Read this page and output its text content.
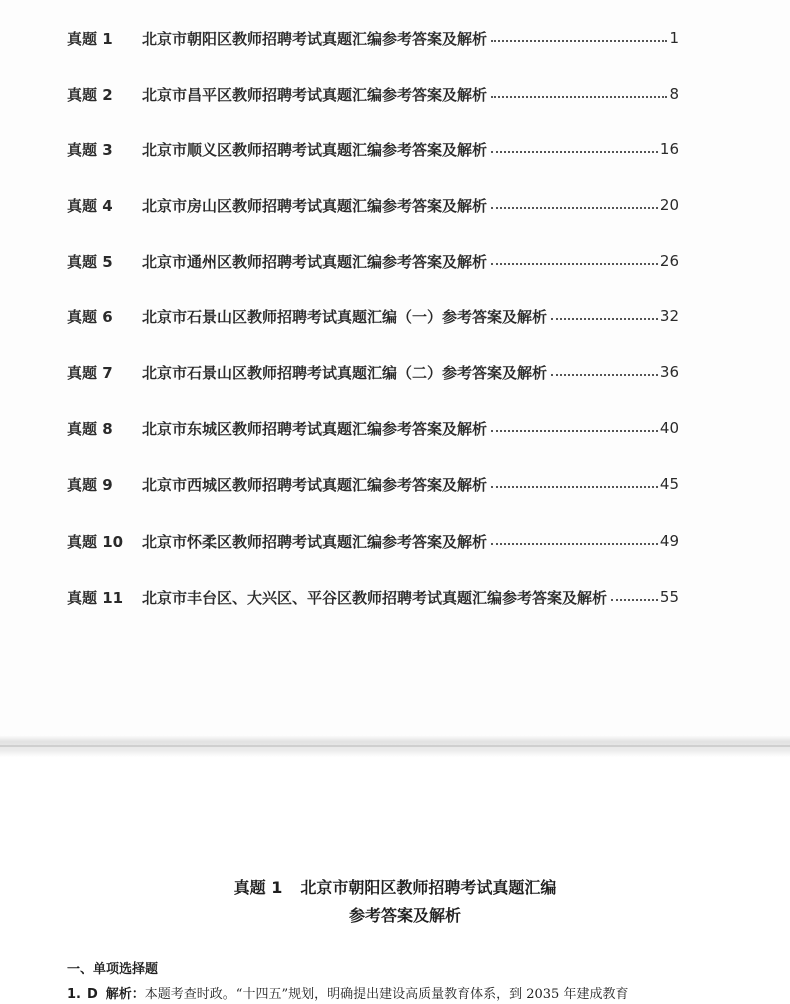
真题 1	北京市朝阳区教师招聘考试真题汇编参考答案及解析	1
真题 2	北京市昌平区教师招聘考试真题汇编参考答案及解析	8
真题 3	北京市顺义区教师招聘考试真题汇编参考答案及解析	16
真题 4	北京市房山区教师招聘考试真题汇编参考答案及解析	20
真题 5	北京市通州区教师招聘考试真题汇编参考答案及解析	26
真题 6	北京市石景山区教师招聘考试真题汇编（一）参考答案及解析	32
真题 7	北京市石景山区教师招聘考试真题汇编（二）参考答案及解析	36
真题 8	北京市东城区教师招聘考试真题汇编参考答案及解析	40
真题 9	北京市西城区教师招聘考试真题汇编参考答案及解析	45
真题 10	北京市怀柔区教师招聘考试真题汇编参考答案及解析	49
真题 11	北京市丰台区、大兴区、平谷区教师招聘考试真题汇编参考答案及解析	55
真题 1 北京市朝阳区教师招聘考试真题汇编
参考答案及解析
一、单项选择题
1. D 解析：本题考查时政。“十四五”规划，明确提出建设高质量教育体系，到 2035 年建成教育
